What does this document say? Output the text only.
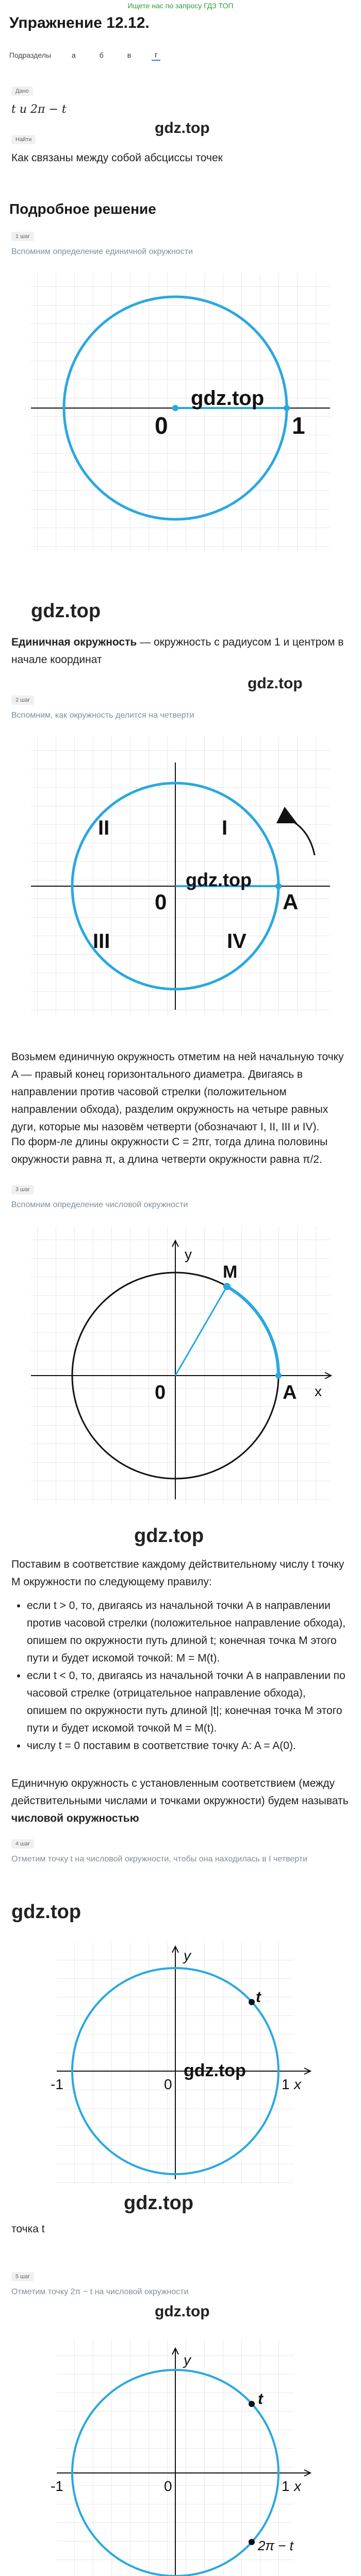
Ищете нас по запросу ГДЗ ТОП
Упражнение 12.12.
Подразделы	а	б	в	г
Дано
t и 2π − t
gdz.top
Найти
Как связаны между собой абсциссы точек
Подробное решение
1 шаг
Вспомним определение единичной окружности
0	1
gdz.top
gdz.top
Единичная окружность — окружность с радиусом 1 и центром в начале координат
2 шаг
Вспомним, как окружность делится на четверти
gdz.top
I
II
III	IV
0	A
gdz.top
Возьмем единичную окружность отметим на ней начальную точку A — правый конец горизонтального диаметра. Двигаясь в направлении против часовой стрелки (положительном направлении обхода), разделим окружность на четыре равных дуги, которые мы назовём четверти (обозначают I, II, III и IV).
По форм-ле длины окружности C = 2πr, тогда длина половины окружности равна π, а длина четверти окружности равна π/2.
3 шаг
Вспомним определение числовой окружности
y
x
M
0	A
gdz.top
Поставим в соответствие каждому действительному числу t точку M окружности по следующему правилу:
• если t > 0, то, двигаясь из начальной точки A в направлении против часовой стрелки (положительное направление обхода), опишем по окружности путь длиной t; конечная точка M этого пути и будет искомой точкой: M = M(t).
• если t < 0, то, двигаясь из начальной точки A в направлении по часовой стрелке (отрицательное направление обхода), опишем по окружности путь длиной |t|; конечная точка M этого пути и будет искомой точкой M = M(t).
• числу t = 0 поставим в соответствие точку A: A = A(0).
Единичную окружность с установленным соответствием (между действительными числами и точками окружности) будем называть числовой окружностью
4 шаг
Отметим точку t на числовой окружности, чтобы она находилась в I четверти
gdz.top
t
y
x
1
-1	0
gdz.top
gdz.top
точка t
5 шаг
Отметим точку 2π − t на числовой окружности
gdz.top
t
2π − t
y
x
1
-1	0
